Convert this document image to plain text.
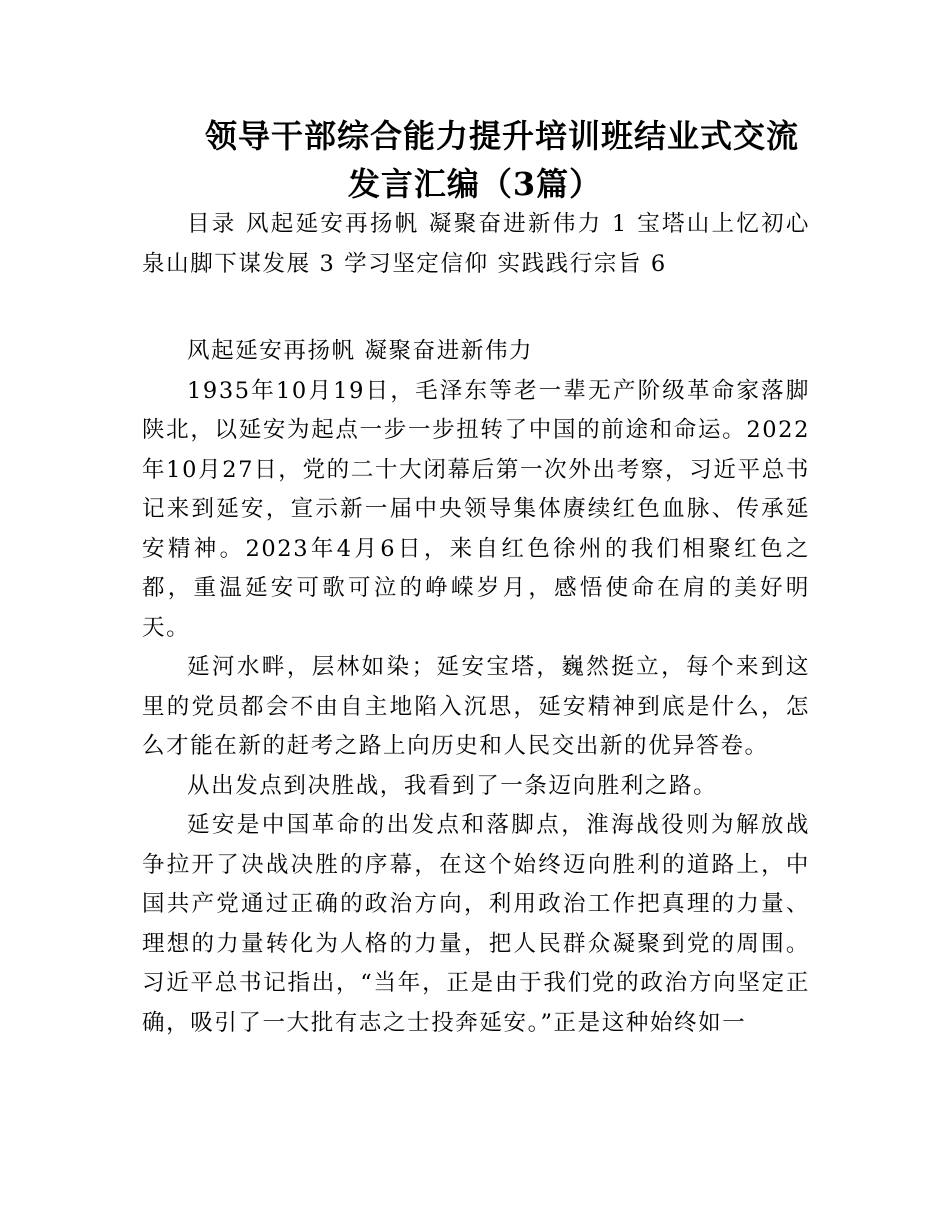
领导干部综合能力提升培训班结业式交流
发言汇编（3篇）

目录 风起延安再扬帆 凝聚奋进新伟力 1 宝塔山上忆初心 泉山脚下谋发展 3 学习坚定信仰 实践践行宗旨 6

风起延安再扬帆 凝聚奋进新伟力

1935年10月19日，毛泽东等老一辈无产阶级革命家落脚陕北，以延安为起点一步一步扭转了中国的前途和命运。2022年10月27日，党的二十大闭幕后第一次外出考察，习近平总书记来到延安，宣示新一届中央领导集体赓续红色血脉、传承延安精神。2023年4月6日，来自红色徐州的我们相聚红色之都，重温延安可歌可泣的峥嵘岁月，感悟使命在肩的美好明天。

延河水畔，层林如染；延安宝塔，巍然挺立，每个来到这里的党员都会不由自主地陷入沉思，延安精神到底是什么，怎么才能在新的赶考之路上向历史和人民交出新的优异答卷。

从出发点到决胜战，我看到了一条迈向胜利之路。

延安是中国革命的出发点和落脚点，淮海战役则为解放战争拉开了决战决胜的序幕，在这个始终迈向胜利的道路上，中国共产党通过正确的政治方向，利用政治工作把真理的力量、理想的力量转化为人格的力量，把人民群众凝聚到党的周围。习近平总书记指出，“当年，正是由于我们党的政治方向坚定正确，吸引了一大批有志之士投奔延安。”正是这种始终如一
